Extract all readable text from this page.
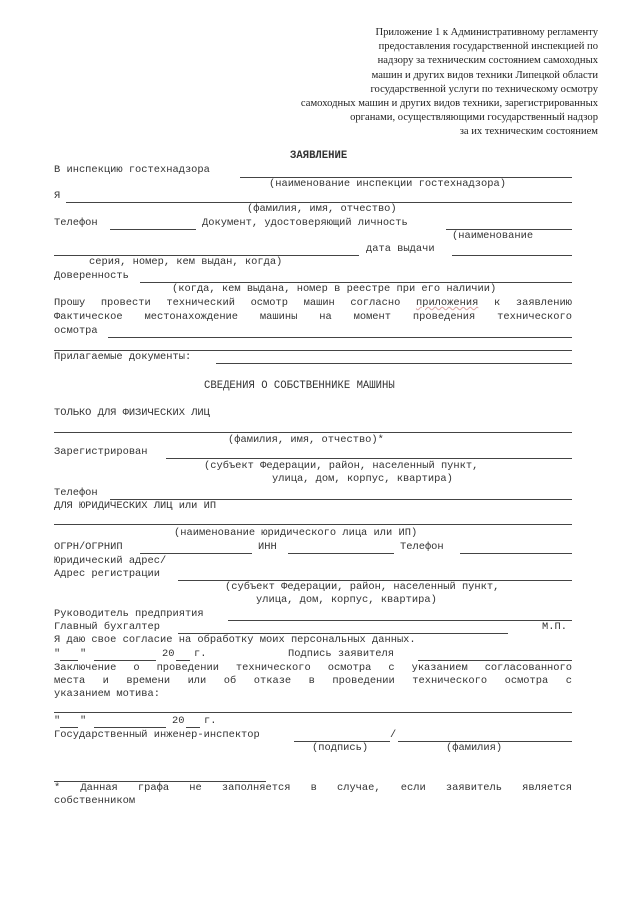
Приложение 1 к Административному регламенту
предоставления государственной инспекцией по
надзору за техническим состоянием самоходных
машин и других видов техники Липецкой области
государственной услуги по техническому осмотру
самоходных машин и других видов техники, зарегистрированных
органами, осуществляющими государственный надзор
за их техническим состоянием
ЗАЯВЛЕНИЕ
В инспекцию гостехнадзора
(наименование инспекции гостехнадзора)
Я
(фамилия, имя, отчество)
Телефон	Документ, удостоверяющий личность
(наименование
дата выдачи
серия, номер, кем выдан, когда)
Доверенность
(когда, кем выдана, номер в реестре при его наличии)
Прошу провести технический осмотр машин согласно приложения к заявлению
Фактическое местонахождение машины на момент проведения технического
осмотра
Прилагаемые документы:
СВЕДЕНИЯ О СОБСТВЕННИКЕ МАШИНЫ
ТОЛЬКО ДЛЯ ФИЗИЧЕСКИХ ЛИЦ
(фамилия, имя, отчество)*
Зарегистрирован
(субъект Федерации, район, населенный пункт,
улица, дом, корпус, квартира)
Телефон
ДЛЯ ЮРИДИЧЕСКИХ ЛИЦ или ИП
(наименование юридического лица или ИП)
ОГРН/ОГРНИП	ИНН	Телефон
Юридический адрес/
Адрес регистрации
(субъект Федерации, район, населенный пункт,
улица, дом, корпус, квартира)
Руководитель предприятия
Главный бухгалтер	М.П.
Я даю свое согласие на обработку моих персональных данных.
" "	20 г.	Подпись заявителя
Заключение о проведении технического осмотра с указанием согласованного
места и времени или об отказе в проведении технического осмотра с
указанием мотива:
" "	20 г.
Государственный инженер-инспектор	/
(подпись)	(фамилия)
* Данная графа не заполняется в случае, если заявитель является
собственником
